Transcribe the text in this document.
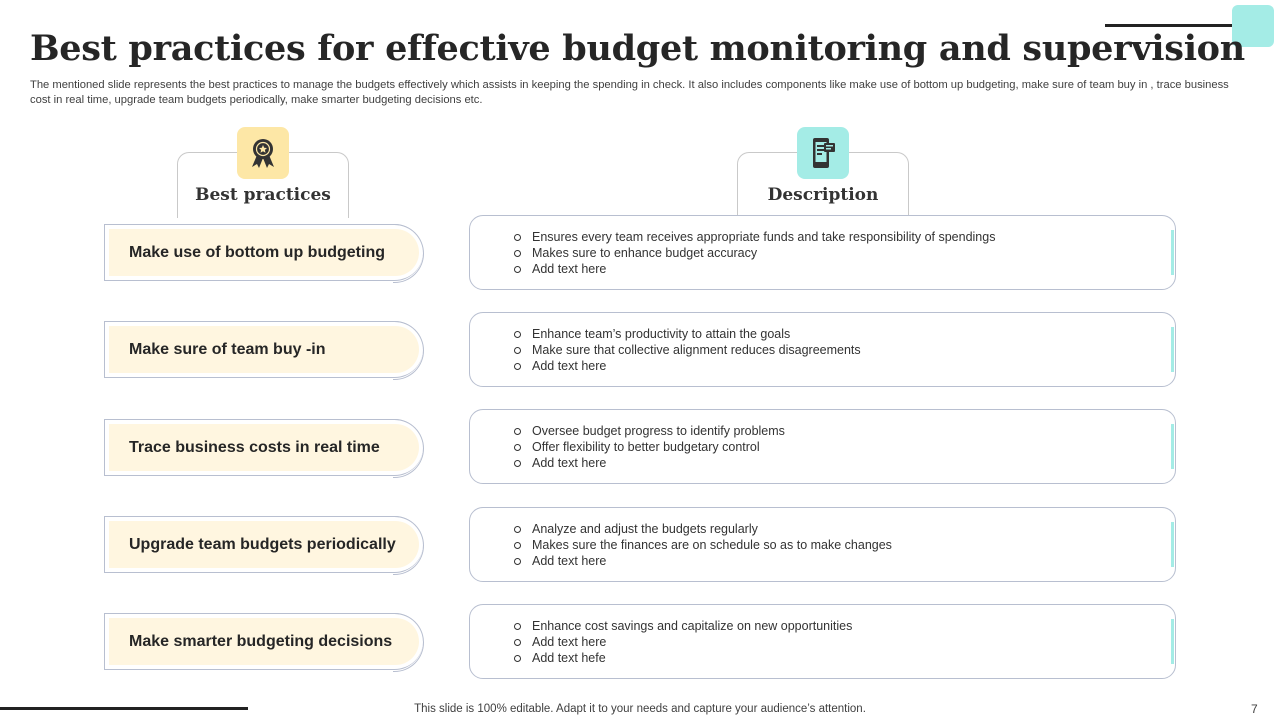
Best practices for effective budget monitoring and supervision
The mentioned slide represents the best practices to manage the budgets effectively which assists in keeping the spending in check. It also includes components like make use of bottom up budgeting, make sure of team buy in , trace business cost in real time, upgrade team budgets periodically, make smarter budgeting decisions etc.
Best practices	Description
Make use of bottom up budgeting
Ensures every team receives appropriate funds and take responsibility of spendings
Makes sure to enhance budget accuracy
Add text here
Make sure of team buy -in
Enhance team’s productivity to attain the goals
Make sure that collective alignment reduces disagreements
Add text here
Trace business costs in real time
Oversee budget progress to identify problems
Offer flexibility to better budgetary control
Add text here
Upgrade team budgets periodically
Analyze and adjust the budgets regularly
Makes sure the finances are on schedule so as to make changes
Add text here
Make smarter budgeting decisions
Enhance cost savings and capitalize on new opportunities
Add text here
Add text hefe
This slide is 100% editable. Adapt it to your needs and capture your audience’s attention.	7
